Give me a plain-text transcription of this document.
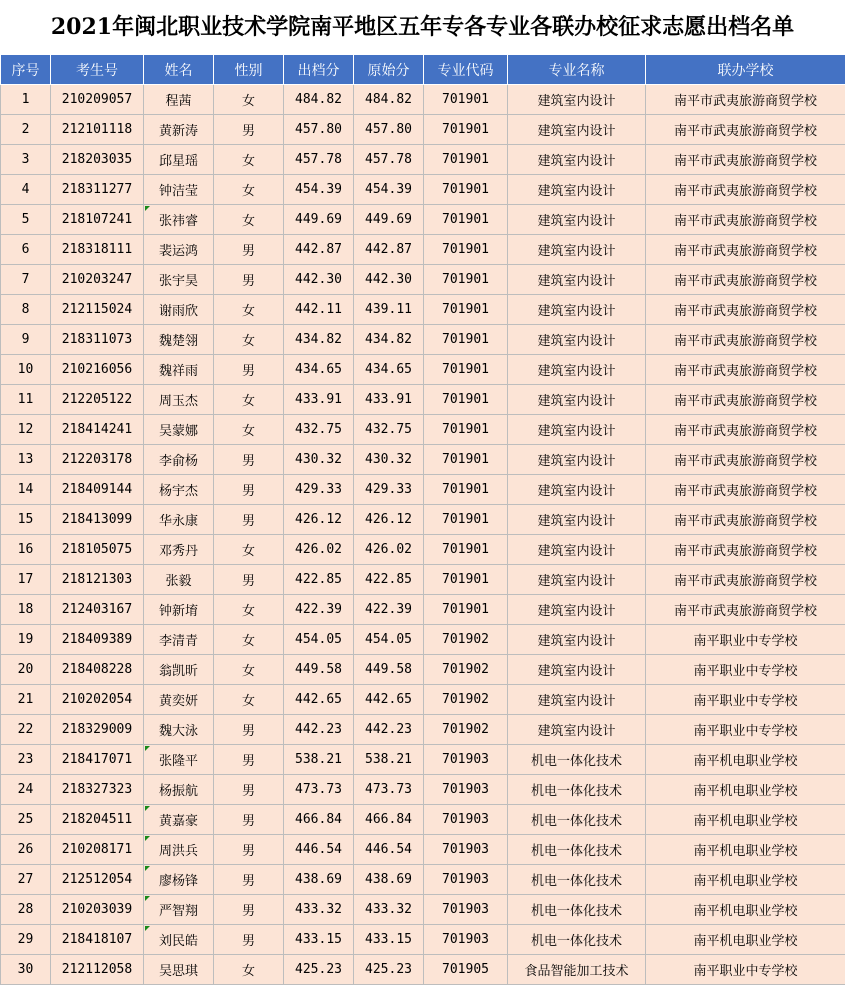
2021年闽北职业技术学院南平地区五年专各专业各联办校征求志愿出档名单
序号	考生号	姓名	性别	出档分	原始分	专业代码	专业名称	联办学校
1	210209057	程茜	女	484.82	484.82	701901	建筑室内设计	南平市武夷旅游商贸学校
2	212101118	黄新涛	男	457.80	457.80	701901	建筑室内设计	南平市武夷旅游商贸学校
3	218203035	邱星瑶	女	457.78	457.78	701901	建筑室内设计	南平市武夷旅游商贸学校
4	218311277	钟洁莹	女	454.39	454.39	701901	建筑室内设计	南平市武夷旅游商贸学校
5	218107241	张祎睿	女	449.69	449.69	701901	建筑室内设计	南平市武夷旅游商贸学校
6	218318111	裴运鸿	男	442.87	442.87	701901	建筑室内设计	南平市武夷旅游商贸学校
7	210203247	张宇昊	男	442.30	442.30	701901	建筑室内设计	南平市武夷旅游商贸学校
8	212115024	谢雨欣	女	442.11	439.11	701901	建筑室内设计	南平市武夷旅游商贸学校
9	218311073	魏楚翎	女	434.82	434.82	701901	建筑室内设计	南平市武夷旅游商贸学校
10	210216056	魏祥雨	男	434.65	434.65	701901	建筑室内设计	南平市武夷旅游商贸学校
11	212205122	周玉杰	女	433.91	433.91	701901	建筑室内设计	南平市武夷旅游商贸学校
12	218414241	吴蒙娜	女	432.75	432.75	701901	建筑室内设计	南平市武夷旅游商贸学校
13	212203178	李俞杨	男	430.32	430.32	701901	建筑室内设计	南平市武夷旅游商贸学校
14	218409144	杨宇杰	男	429.33	429.33	701901	建筑室内设计	南平市武夷旅游商贸学校
15	218413099	华永康	男	426.12	426.12	701901	建筑室内设计	南平市武夷旅游商贸学校
16	218105075	邓秀丹	女	426.02	426.02	701901	建筑室内设计	南平市武夷旅游商贸学校
17	218121303	张毅	男	422.85	422.85	701901	建筑室内设计	南平市武夷旅游商贸学校
18	212403167	钟新堉	女	422.39	422.39	701901	建筑室内设计	南平市武夷旅游商贸学校
19	218409389	李清青	女	454.05	454.05	701902	建筑室内设计	南平职业中专学校
20	218408228	翁凯昕	女	449.58	449.58	701902	建筑室内设计	南平职业中专学校
21	210202054	黄奕妍	女	442.65	442.65	701902	建筑室内设计	南平职业中专学校
22	218329009	魏大泳	男	442.23	442.23	701902	建筑室内设计	南平职业中专学校
23	218417071	张隆平	男	538.21	538.21	701903	机电一体化技术	南平机电职业学校
24	218327323	杨振航	男	473.73	473.73	701903	机电一体化技术	南平机电职业学校
25	218204511	黄嘉豪	男	466.84	466.84	701903	机电一体化技术	南平机电职业学校
26	210208171	周洪兵	男	446.54	446.54	701903	机电一体化技术	南平机电职业学校
27	212512054	廖杨锋	男	438.69	438.69	701903	机电一体化技术	南平机电职业学校
28	210203039	严智翔	男	433.32	433.32	701903	机电一体化技术	南平机电职业学校
29	218418107	刘民皓	男	433.15	433.15	701903	机电一体化技术	南平机电职业学校
30	212112058	吴思琪	女	425.23	425.23	701905	食品智能加工技术	南平职业中专学校
